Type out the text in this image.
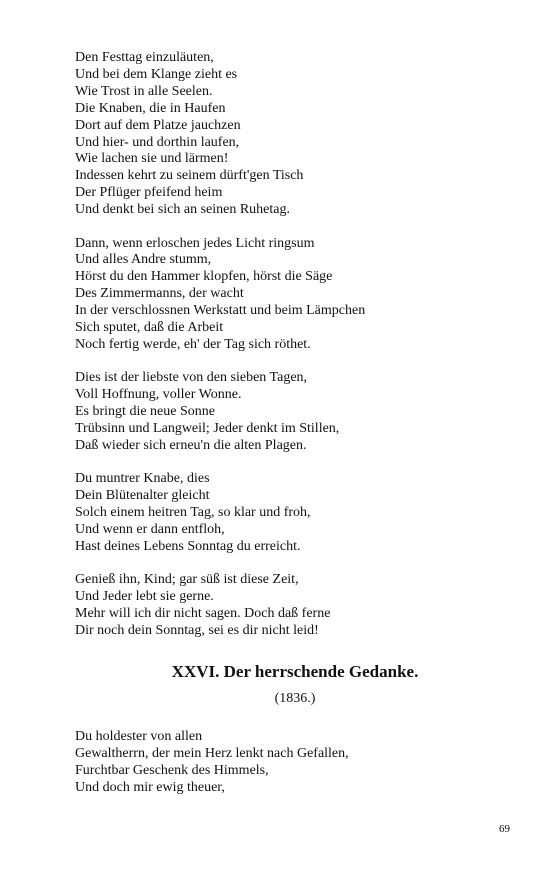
Den Festtag einzuläuten,
Und bei dem Klange zieht es
Wie Trost in alle Seelen.
Die Knaben, die in Haufen
Dort auf dem Platze jauchzen
Und hier- und dorthin laufen,
Wie lachen sie und lärmen!
Indessen kehrt zu seinem dürft'gen Tisch
Der Pflüger pfeifend heim
Und denkt bei sich an seinen Ruhetag.
Dann, wenn erloschen jedes Licht ringsum
Und alles Andre stumm,
Hörst du den Hammer klopfen, hörst die Säge
Des Zimmermanns, der wacht
In der verschlossnen Werkstatt und beim Lämpchen
Sich sputet, daß die Arbeit
Noch fertig werde, eh' der Tag sich röthet.
Dies ist der liebste von den sieben Tagen,
Voll Hoffnung, voller Wonne.
Es bringt die neue Sonne
Trübsinn und Langweil; Jeder denkt im Stillen,
Daß wieder sich erneu'n die alten Plagen.
Du muntrer Knabe, dies
Dein Blütenalter gleicht
Solch einem heitren Tag, so klar und froh,
Und wenn er dann entfloh,
Hast deines Lebens Sonntag du erreicht.
Genieß ihn, Kind; gar süß ist diese Zeit,
Und Jeder lebt sie gerne.
Mehr will ich dir nicht sagen. Doch daß ferne
Dir noch dein Sonntag, sei es dir nicht leid!
XXVI. Der herrschende Gedanke.
(1836.)
Du holdester von allen
Gewaltherrn, der mein Herz lenkt nach Gefallen,
Furchtbar Geschenk des Himmels,
Und doch mir ewig theuer,
69
